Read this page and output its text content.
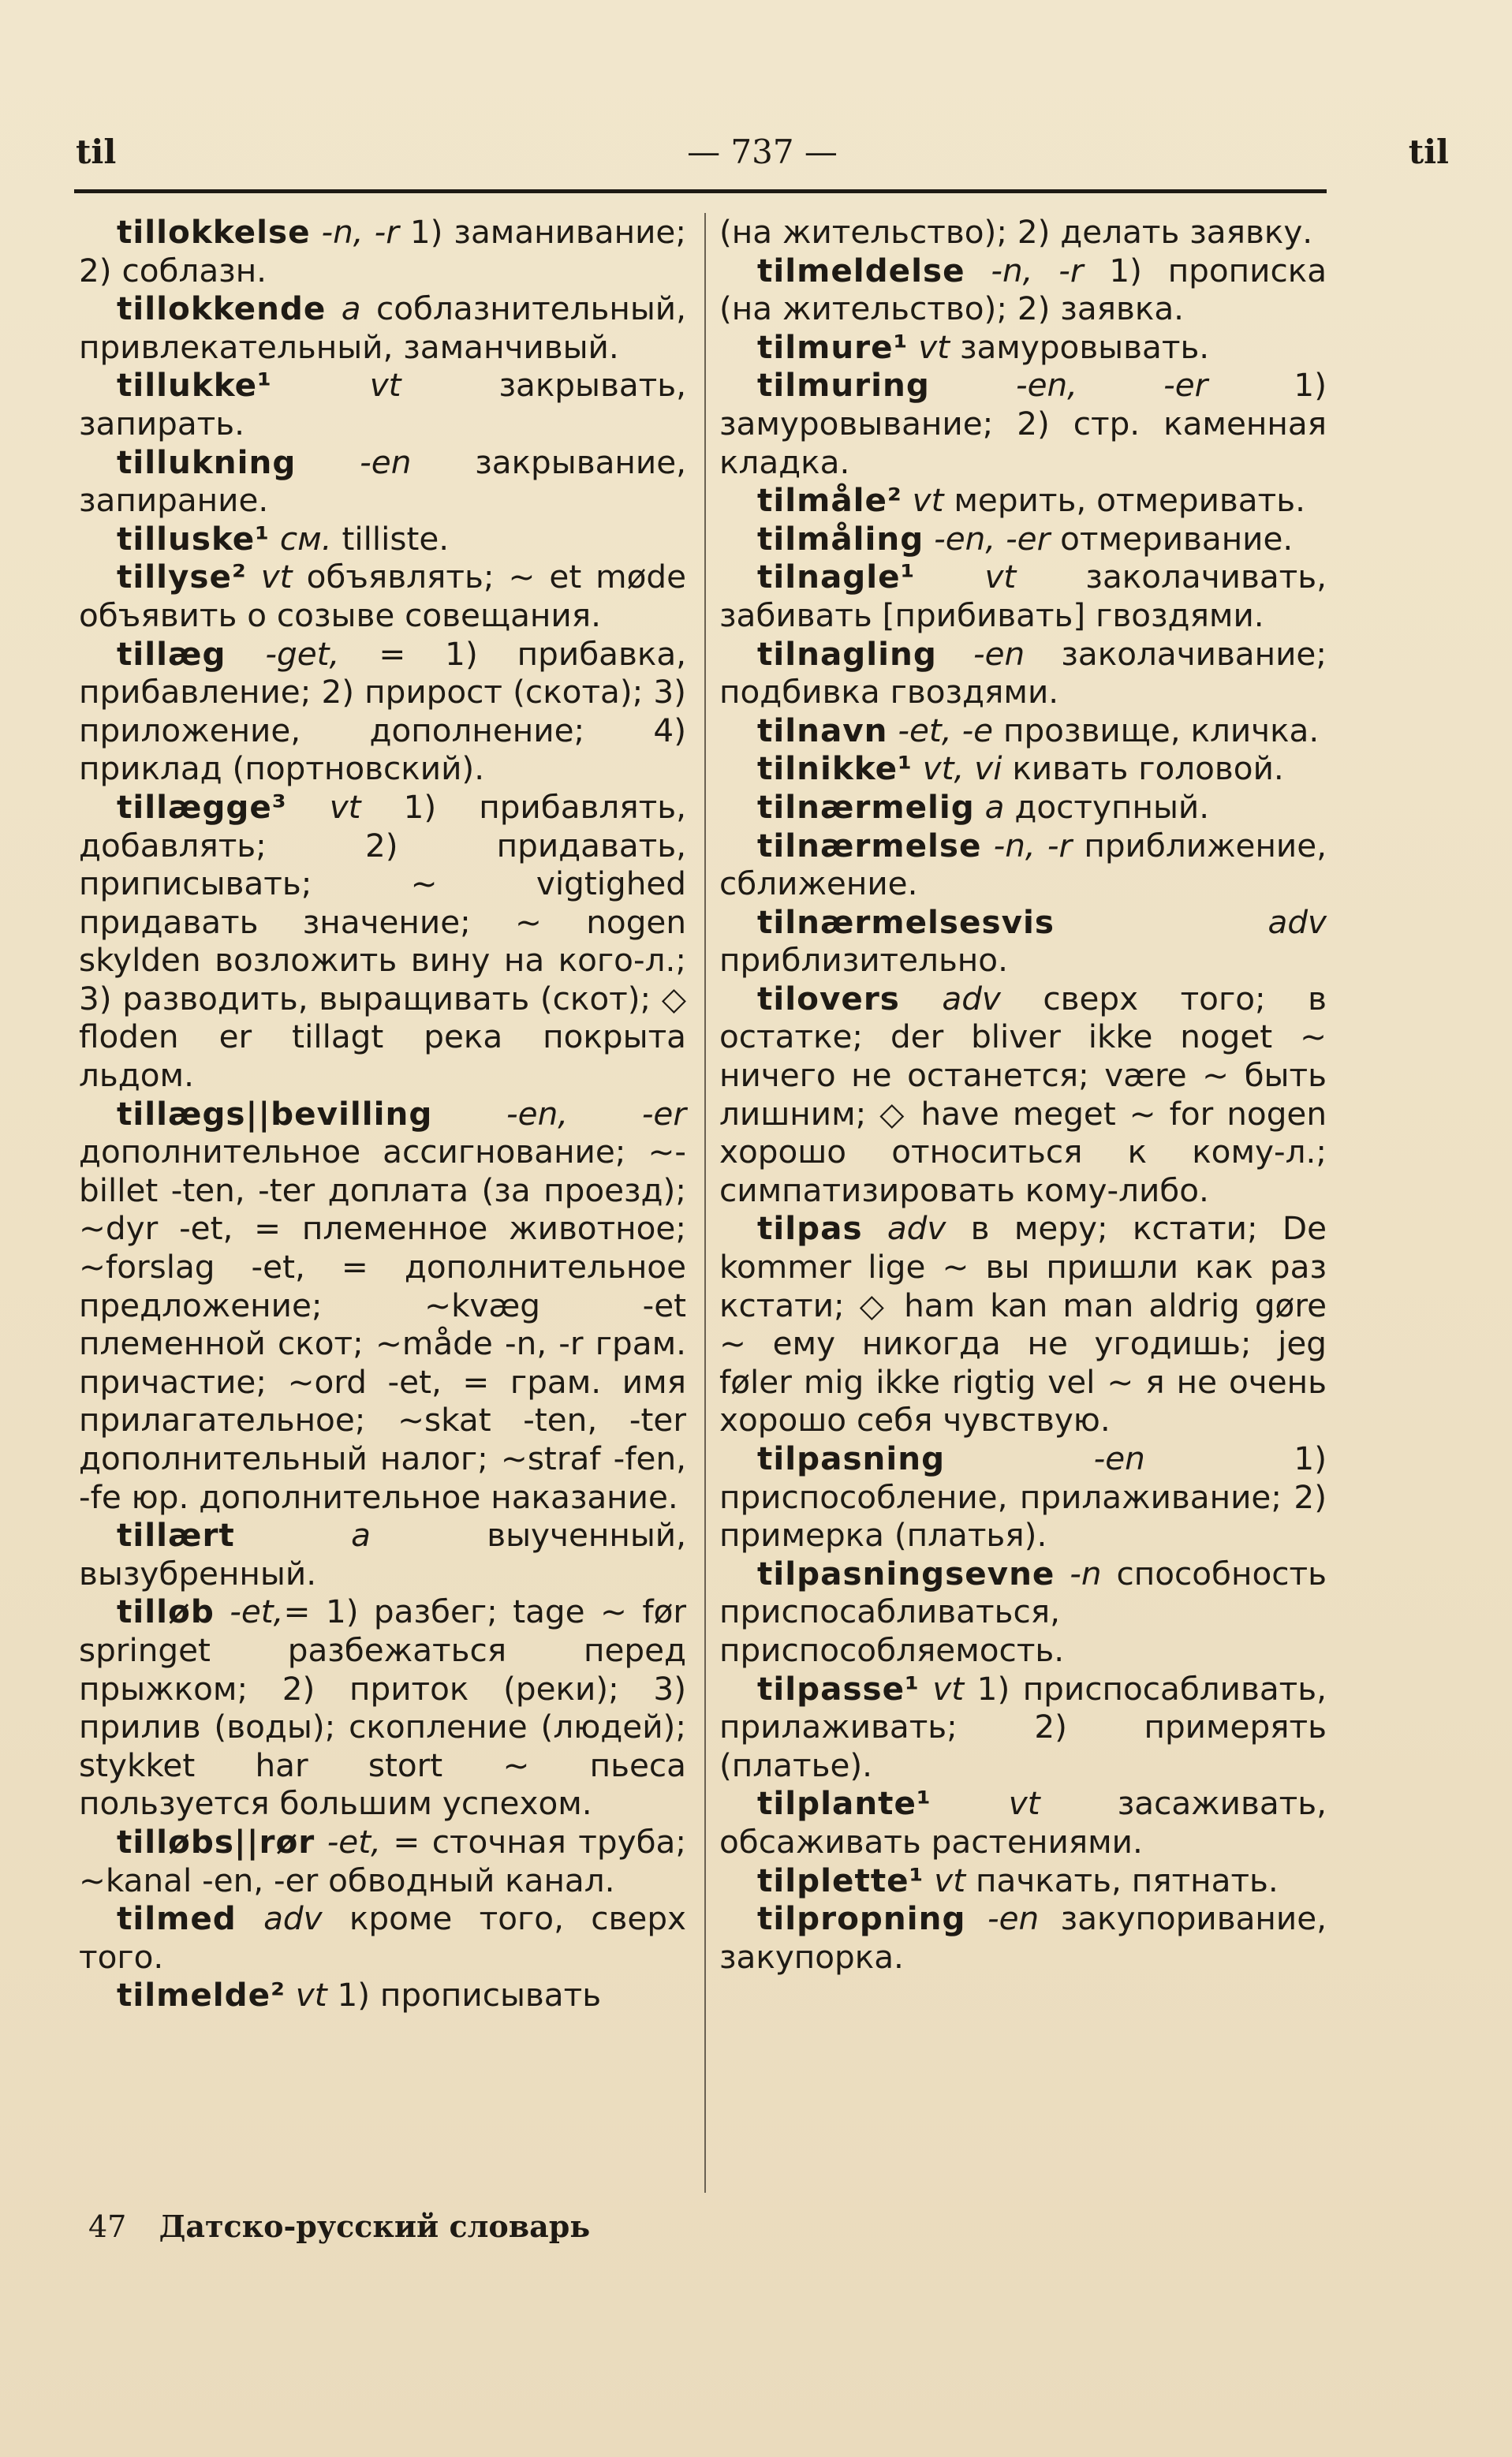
til	— 737 —	til
tillokkelse -n, -r 1) заманивание; 2) соблазн.
tillokkende a соблазнительный, привлекательный, заманчивый.
tillukke¹	vt	закрывать, запирать.
tillukning -en закрывание, запирание.
tilluske¹ см. tilliste.
tillyse² vt объявлять; ~ et møde объявить о созыве совещания.
tillæg -get, = 1) прибавка, прибавление; 2) прирост (скота); 3) приложение, дополнение; 4) приклад (портновский).
tillægge³ vt 1) прибавлять, добавлять; 2) придавать, приписывать; ~ vigtighed придавать значение; ~ nogen skylden возложить вину на кого-л.; 3) разводить, выращивать (скот); ◇ floden er tillagt река покрыта льдом.
tillægs||bevilling -en, -er дополнительное ассигнование; ~-billet -ten, -ter доплата (за проезд); ~dyr -et, = племенное животное; ~forslag -et, = дополнительное предложение; ~kvæg -et племенной скот; ~måde -n, -r грам. причастие; ~ord -et, = грам. имя прилагательное; ~skat -ten, -ter дополнительный налог; ~straf -fen, -fe юр. дополнительное наказание.
tillært	a	выученный, вызубренный.
tilløb -et,= 1) разбег; tage ~ før springet разбежаться перед прыжком; 2) приток (реки); 3) прилив (воды); скопление (людей); stykket har stort ~ пьеса пользуется большим успехом.
tilløbs||rør -et, = сточная труба; ~kanal -en, -er обводный канал.
tilmed adv кроме того, сверх того.
tilmelde² vt 1) прописывать
(на жительство); 2) делать заявку.
tilmeldelse -n, -r 1) прописка (на жительство); 2) заявка.
tilmure¹ vt замуровывать.
tilmuring	-en, -er	1) замуровывание; 2) стр. каменная кладка.
tilmåle² vt мерить, отмеривать.
tilmåling -en, -er отмеривание.
tilnagle¹ vt заколачивать, забивать [прибивать] гвоздями.
tilnagling -en заколачивание; подбивка гвоздями.
tilnavn -et, -e прозвище, кличка.
tilnikke¹ vt, vi кивать головой.
tilnærmelig a доступный.
tilnærmelse -n, -r приближение, сближение.
tilnærmelsesvis	adv приблизительно.
tilovers adv сверх того; в остатке; der bliver ikke noget ~ ничего не останется; være ~ быть лишним; ◇ have meget ~ for nogen хорошо относиться к кому-л.; симпатизировать кому-либо.
tilpas adv в меру; кстати; De kommer lige ~ вы пришли как раз кстати; ◇ ham kan man aldrig gøre ~ ему никогда не угодишь; jeg føler mig ikke rigtig vel ~ я не очень хорошо себя чувствую.
tilpasning	-en	1) приспособление, прилаживание; 2) примерка (платья).
tilpasningsevne -n способность приспосабливаться, приспособляемость.
tilpasse¹ vt 1) приспосабливать, прилаживать; 2) примерять (платье).
tilplante¹ vt засаживать, обсаживать растениями.
tilplette¹ vt пачкать, пятнать.
tilpropning -en закупоривание, закупорка.
47 Датско-русский словарь
